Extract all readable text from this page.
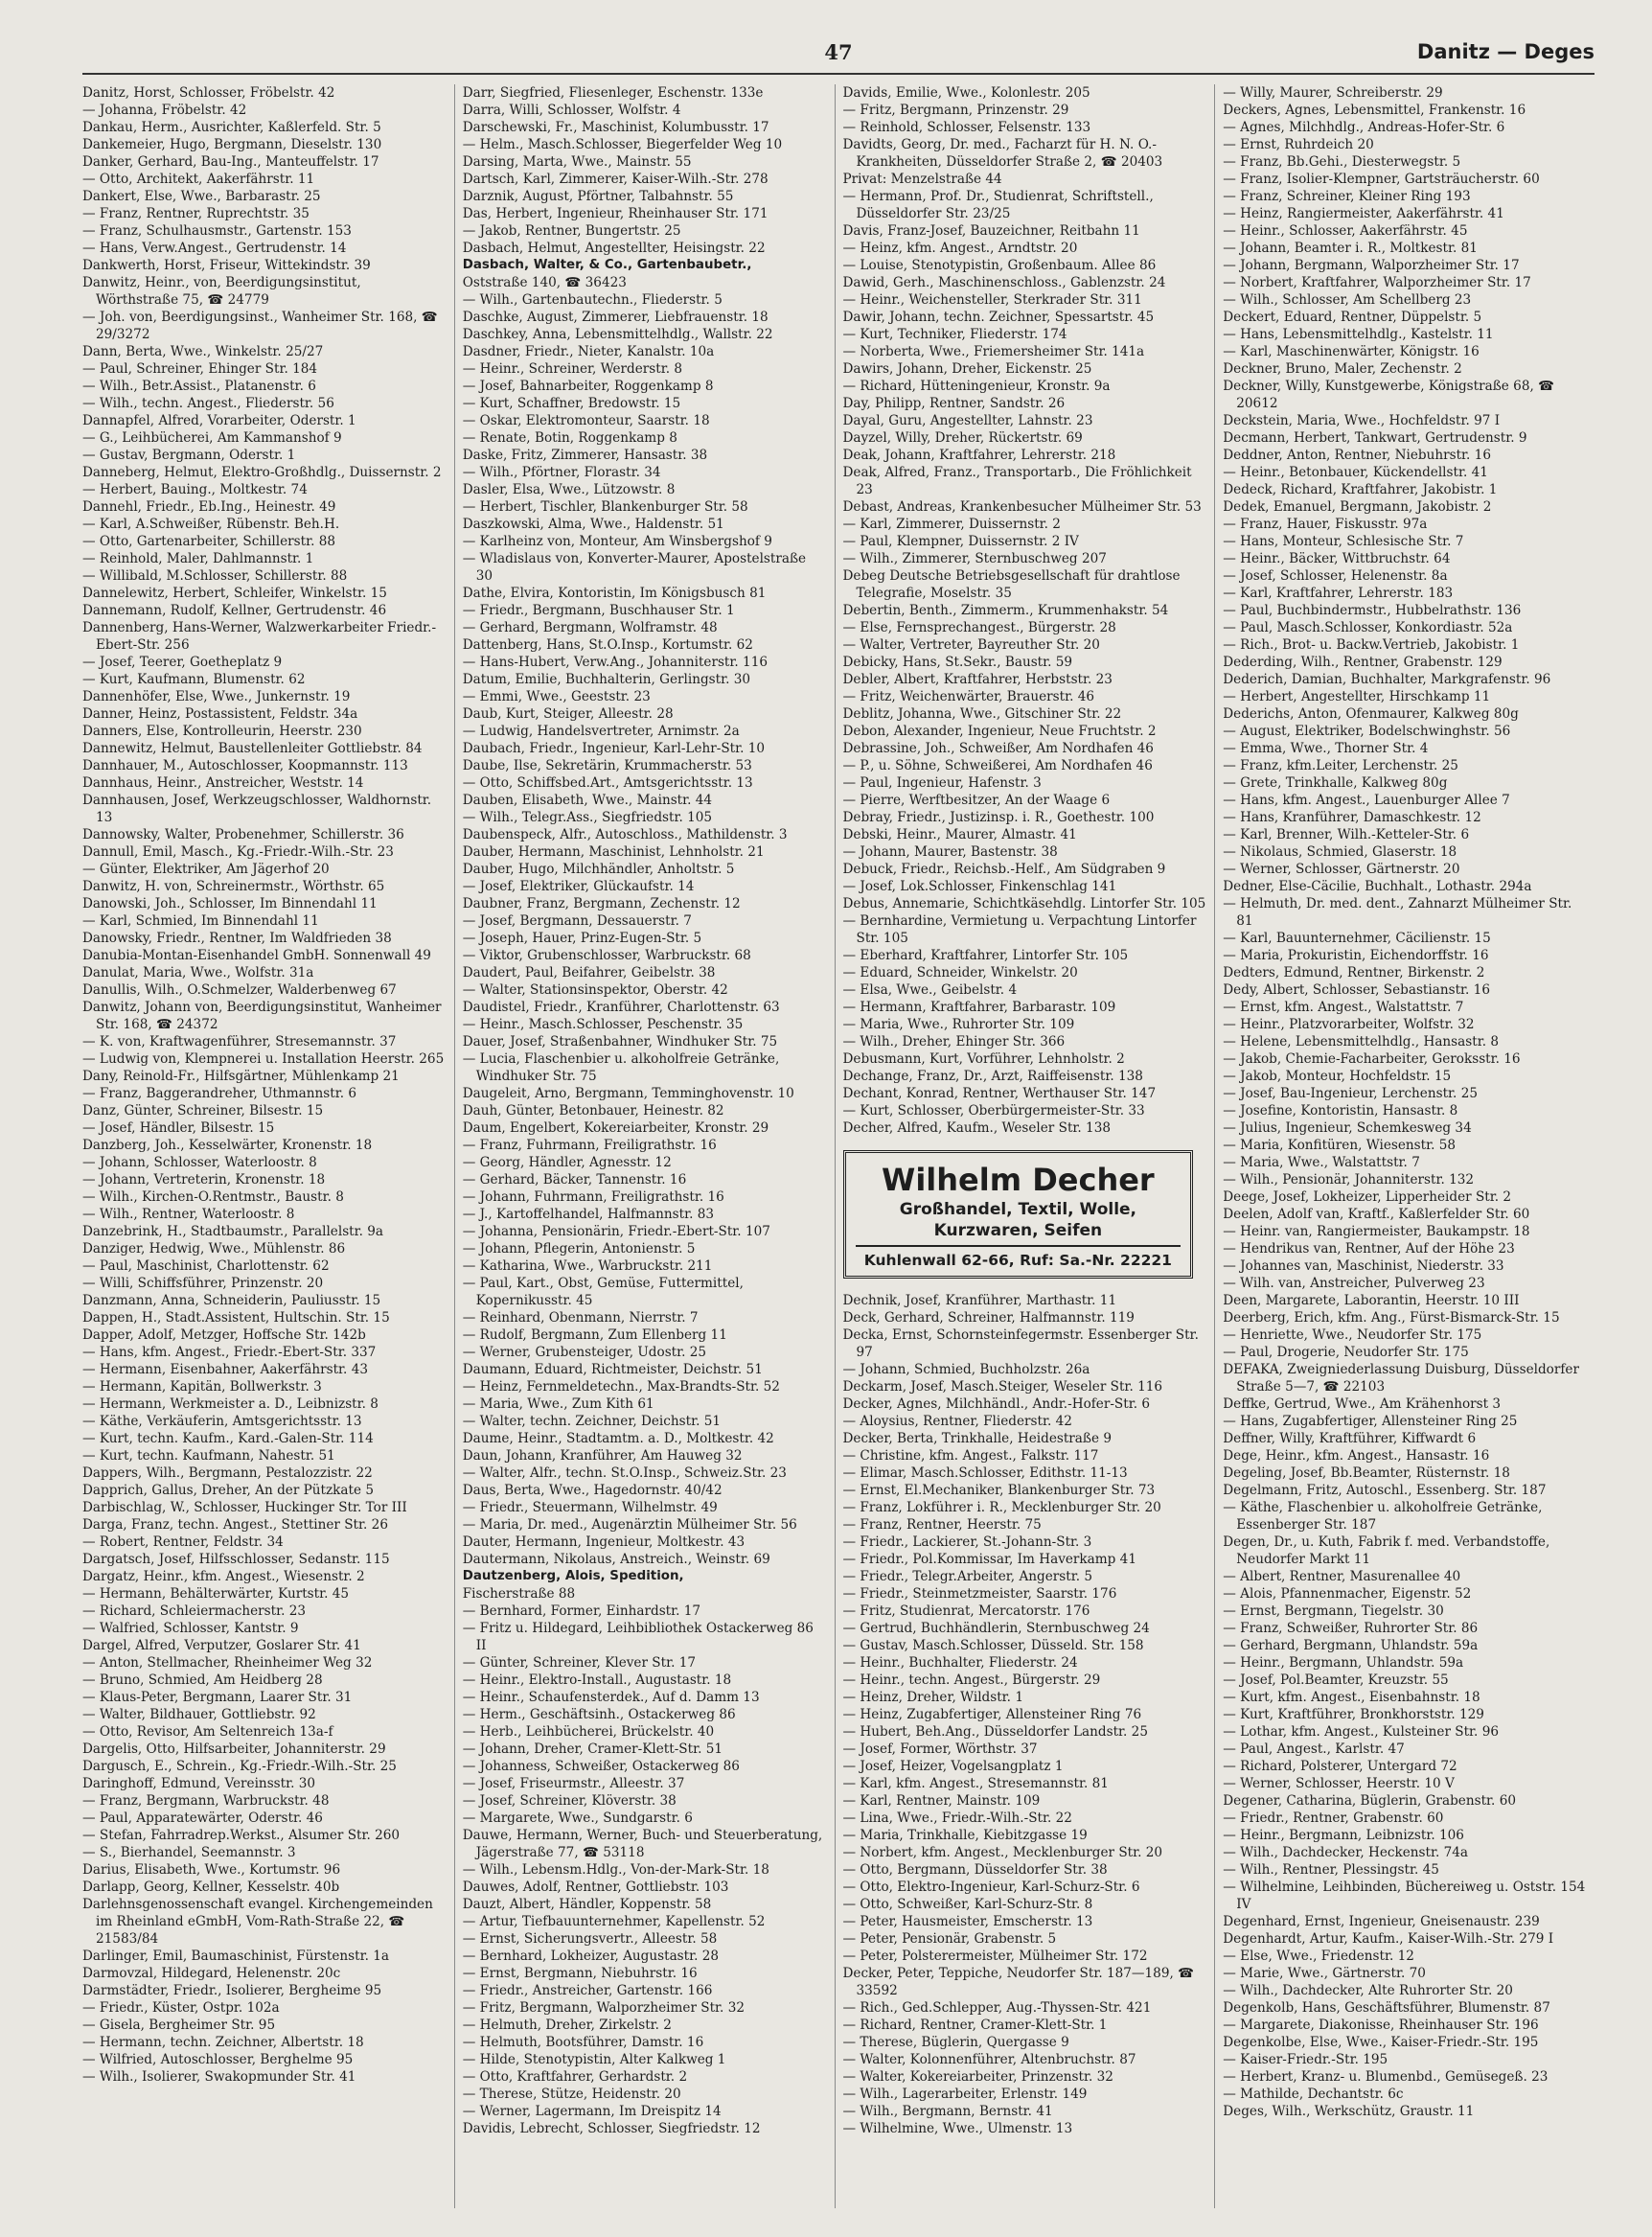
47	Danitz — Deges
Danitz, Horst, Schlosser, Fröbelstr. 42
— Johanna, Fröbelstr. 42
Dankau, Herm., Ausrichter, Kaßlerfeld. Str. 5
Dankemeier, Hugo, Bergmann, Dieselstr. 130
Danker, Gerhard, Bau-Ing., Manteuffelstr. 17
— Otto, Architekt, Aakerfährstr. 11
Dankert, Else, Wwe., Barbarastr. 25
— Franz, Rentner, Ruprechtstr. 35
— Franz, Schulhausmstr., Gartenstr. 153
— Hans, Verw.Angest., Gertrudenstr. 14
Dankwerth, Horst, Friseur, Wittekindstr. 39
Danwitz, Heinr., von, Beerdigungsinstitut, Wörthstraße 75, ☎ 24779
— Joh. von, Beerdigungsinst., Wanheimer Str. 168, ☎ 29/3272
Dann, Berta, Wwe., Winkelstr. 25/27
— Paul, Schreiner, Ehinger Str. 184
— Wilh., Betr.Assist., Platanenstr. 6
— Wilh., techn. Angest., Fliederstr. 56
Dannapfel, Alfred, Vorarbeiter, Oderstr. 1
— G., Leihbücherei, Am Kammanshof 9
— Gustav, Bergmann, Oderstr. 1
Danneberg, Helmut, Elektro-Großhdlg., Duissernstr. 2
— Herbert, Bauing., Moltkestr. 74
Dannehl, Friedr., Eb.Ing., Heinestr. 49
— Karl, A.Schweißer, Rübenstr. Beh.H.
— Otto, Gartenarbeiter, Schillerstr. 88
— Reinhold, Maler, Dahlmannstr. 1
— Willibald, M.Schlosser, Schillerstr. 88
Dannelewitz, Herbert, Schleifer, Winkelstr. 15
Dannemann, Rudolf, Kellner, Gertrudenstr. 46
Dannenberg, Hans-Werner, Walzwerkarbeiter Friedr.-Ebert-Str. 256
— Josef, Teerer, Goetheplatz 9
— Kurt, Kaufmann, Blumenstr. 62
Dannenhöfer, Else, Wwe., Junkernstr. 19
Danner, Heinz, Postassistent, Feldstr. 34a
Danners, Else, Kontrolleurin, Heerstr. 230
Dannewitz, Helmut, Baustellenleiter Gottliebstr. 84
Dannhauer, M., Autoschlosser, Koopmannstr. 113
Dannhaus, Heinr., Anstreicher, Weststr. 14
Dannhausen, Josef, Werkzeugschlosser, Waldhornstr. 13
Dannowsky, Walter, Probenehmer, Schillerstr. 36
Dannull, Emil, Masch., Kg.-Friedr.-Wilh.-Str. 23
— Günter, Elektriker, Am Jägerhof 20
Danwitz, H. von, Schreinermstr., Wörthstr. 65
Danowski, Joh., Schlosser, Im Binnendahl 11
— Karl, Schmied, Im Binnendahl 11
Danowsky, Friedr., Rentner, Im Waldfrieden 38
Danubia-Montan-Eisenhandel GmbH. Sonnenwall 49
Danulat, Maria, Wwe., Wolfstr. 31a
Danullis, Wilh., O.Schmelzer, Walderbenweg 67
Danwitz, Johann von, Beerdigungsinstitut, Wanheimer Str. 168, ☎ 24372
— K. von, Kraftwagenführer, Stresemannstr. 37
— Ludwig von, Klempnerei u. Installation Heerstr. 265
Dany, Reinold-Fr., Hilfsgärtner, Mühlenkamp 21
— Franz, Baggerandreher, Uthmannstr. 6
Danz, Günter, Schreiner, Bilsestr. 15
— Josef, Händler, Bilsestr. 15
Danzberg, Joh., Kesselwärter, Kronenstr. 18
— Johann, Schlosser, Waterloostr. 8
— Johann, Vertreterin, Kronenstr. 18
— Wilh., Kirchen-O.Rentmstr., Baustr. 8
— Wilh., Rentner, Waterloostr. 8
Danzebrink, H., Stadtbaumstr., Parallelstr. 9a
Danziger, Hedwig, Wwe., Mühlenstr. 86
— Paul, Maschinist, Charlottenstr. 62
— Willi, Schiffsführer, Prinzenstr. 20
Danzmann, Anna, Schneiderin, Pauliusstr. 15
Dappen, H., Stadt.Assistent, Hultschin. Str. 15
Dapper, Adolf, Metzger, Hoffsche Str. 142b
— Hans, kfm. Angest., Friedr.-Ebert-Str. 337
— Hermann, Eisenbahner, Aakerfährstr. 43
— Hermann, Kapitän, Bollwerkstr. 3
— Hermann, Werkmeister a. D., Leibnizstr. 8
— Käthe, Verkäuferin, Amtsgerichtsstr. 13
— Kurt, techn. Kaufm., Kard.-Galen-Str. 114
— Kurt, techn. Kaufmann, Nahestr. 51
Dappers, Wilh., Bergmann, Pestalozzistr. 22
Dapprich, Gallus, Dreher, An der Pützkate 5
Darbischlag, W., Schlosser, Huckinger Str. Tor III
Darga, Franz, techn. Angest., Stettiner Str. 26
— Robert, Rentner, Feldstr. 34
Dargatsch, Josef, Hilfsschlosser, Sedanstr. 115
Dargatz, Heinr., kfm. Angest., Wiesenstr. 2
— Hermann, Behälterwärter, Kurtstr. 45
— Richard, Schleiermacherstr. 23
— Walfried, Schlosser, Kantstr. 9
Dargel, Alfred, Verputzer, Goslarer Str. 41
— Anton, Stellmacher, Rheinheimer Weg 32
— Bruno, Schmied, Am Heidberg 28
— Klaus-Peter, Bergmann, Laarer Str. 31
— Walter, Bildhauer, Gottliebstr. 92
— Otto, Revisor, Am Seltenreich 13a-f
Dargelis, Otto, Hilfsarbeiter, Johanniterstr. 29
Dargusch, E., Schrein., Kg.-Friedr.-Wilh.-Str. 25
Daringhoff, Edmund, Vereinsstr. 30
— Franz, Bergmann, Warbruckstr. 48
— Paul, Apparatewärter, Oderstr. 46
— Stefan, Fahrradrep.Werkst., Alsumer Str. 260
— S., Bierhandel, Seemannstr. 3
Darius, Elisabeth, Wwe., Kortumstr. 96
Darlapp, Georg, Kellner, Kesselstr. 40b
Darlehnsgenossenschaft evangel. Kirchengemeinden im Rheinland eGmbH, Vom-Rath-Straße 22, ☎ 21583/84
Darlinger, Emil, Baumaschinist, Fürstenstr. 1a
Darmovzal, Hildegard, Helenenstr. 20c
Darmstädter, Friedr., Isolierer, Bergheime 95
— Friedr., Küster, Ostpr. 102a
— Gisela, Bergheimer Str. 95
— Hermann, techn. Zeichner, Albertstr. 18
— Wilfried, Autoschlosser, Berghelme 95
— Wilh., Isolierer, Swakopmunder Str. 41
Darr, Siegfried, Fliesenleger, Eschenstr. 133e
Darra, Willi, Schlosser, Wolfstr. 4
Darschewski, Fr., Maschinist, Kolumbusstr. 17
— Helm., Masch.Schlosser, Biegerfelder Weg 10
Darsing, Marta, Wwe., Mainstr. 55
Dartsch, Karl, Zimmerer, Kaiser-Wilh.-Str. 278
Darznik, August, Pförtner, Talbahnstr. 55
Das, Herbert, Ingenieur, Rheinhauser Str. 171
— Jakob, Rentner, Bungertstr. 25
Dasbach, Helmut, Angestellter, Heisingstr. 22
Dasbach, Walter, & Co., Gartenbaubetr.,
Oststraße 140, ☎ 36423
— Wilh., Gartenbautechn., Fliederstr. 5
Daschke, August, Zimmerer, Liebfrauenstr. 18
Daschkey, Anna, Lebensmittelhdlg., Wallstr. 22
Dasdner, Friedr., Nieter, Kanalstr. 10a
— Heinr., Schreiner, Werderstr. 8
— Josef, Bahnarbeiter, Roggenkamp 8
— Kurt, Schaffner, Bredowstr. 15
— Oskar, Elektromonteur, Saarstr. 18
— Renate, Botin, Roggenkamp 8
Daske, Fritz, Zimmerer, Hansastr. 38
— Wilh., Pförtner, Florastr. 34
Dasler, Elsa, Wwe., Lützowstr. 8
— Herbert, Tischler, Blankenburger Str. 58
Daszkowski, Alma, Wwe., Haldenstr. 51
— Karlheinz von, Monteur, Am Winsbergshof 9
— Wladislaus von, Konverter-Maurer, Apostelstraße 30
Dathe, Elvira, Kontoristin, Im Königsbusch 81
— Friedr., Bergmann, Buschhauser Str. 1
— Gerhard, Bergmann, Wolframstr. 48
Dattenberg, Hans, St.O.Insp., Kortumstr. 62
— Hans-Hubert, Verw.Ang., Johanniterstr. 116
Datum, Emilie, Buchhalterin, Gerlingstr. 30
— Emmi, Wwe., Geeststr. 23
Daub, Kurt, Steiger, Alleestr. 28
— Ludwig, Handelsvertreter, Arnimstr. 2a
Daubach, Friedr., Ingenieur, Karl-Lehr-Str. 10
Daube, Ilse, Sekretärin, Krummacherstr. 53
— Otto, Schiffsbed.Art., Amtsgerichtsstr. 13
Dauben, Elisabeth, Wwe., Mainstr. 44
— Wilh., Telegr.Ass., Siegfriedstr. 105
Daubenspeck, Alfr., Autoschloss., Mathildenstr. 3
Dauber, Hermann, Maschinist, Lehnholstr. 21
Dauber, Hugo, Milchhändler, Anholtstr. 5
— Josef, Elektriker, Glückaufstr. 14
Daubner, Franz, Bergmann, Zechenstr. 12
— Josef, Bergmann, Dessauerstr. 7
— Joseph, Hauer, Prinz-Eugen-Str. 5
— Viktor, Grubenschlosser, Warbruckstr. 68
Daudert, Paul, Beifahrer, Geibelstr. 38
— Walter, Stationsinspektor, Oberstr. 42
Daudistel, Friedr., Kranführer, Charlottenstr. 63
— Heinr., Masch.Schlosser, Peschenstr. 35
Dauer, Josef, Straßenbahner, Windhuker Str. 75
— Lucia, Flaschenbier u. alkoholfreie Getränke, Windhuker Str. 75
Daugeleit, Arno, Bergmann, Temminghovenstr. 10
Dauh, Günter, Betonbauer, Heinestr. 82
Daum, Engelbert, Kokereiarbeiter, Kronstr. 29
— Franz, Fuhrmann, Freiligrathstr. 16
— Georg, Händler, Agnesstr. 12
— Gerhard, Bäcker, Tannenstr. 16
— Johann, Fuhrmann, Freiligrathstr. 16
— J., Kartoffelhandel, Halfmannstr. 83
— Johanna, Pensionärin, Friedr.-Ebert-Str. 107
— Johann, Pflegerin, Antonienstr. 5
— Katharina, Wwe., Warbruckstr. 211
— Paul, Kart., Obst, Gemüse, Futtermittel, Kopernikusstr. 45
— Reinhard, Obenmann, Nierrstr. 7
— Rudolf, Bergmann, Zum Ellenberg 11
— Werner, Grubensteiger, Udostr. 25
Daumann, Eduard, Richtmeister, Deichstr. 51
— Heinz, Fernmeldetechn., Max-Brandts-Str. 52
— Maria, Wwe., Zum Kith 61
— Walter, techn. Zeichner, Deichstr. 51
Daume, Heinr., Stadtamtm. a. D., Moltkestr. 42
Daun, Johann, Kranführer, Am Hauweg 32
— Walter, Alfr., techn. St.O.Insp., Schweiz.Str. 23
Daus, Berta, Wwe., Hagedornstr. 40/42
— Friedr., Steuermann, Wilhelmstr. 49
— Maria, Dr. med., Augenärztin Mülheimer Str. 56
Dauter, Hermann, Ingenieur, Moltkestr. 43
Dautermann, Nikolaus, Anstreich., Weinstr. 69
Dautzenberg, Alois, Spedition,
Fischerstraße 88
— Bernhard, Former, Einhardstr. 17
— Fritz u. Hildegard, Leihbibliothek Ostackerweg 86 II
— Günter, Schreiner, Klever Str. 17
— Heinr., Elektro-Install., Augustastr. 18
— Heinr., Schaufensterdek., Auf d. Damm 13
— Herm., Geschäftsinh., Ostackerweg 86
— Herb., Leihbücherei, Brückelstr. 40
— Johann, Dreher, Cramer-Klett-Str. 51
— Johanness, Schweißer, Ostackerweg 86
— Josef, Friseurmstr., Alleestr. 37
— Josef, Schreiner, Klöverstr. 38
— Margarete, Wwe., Sundgarstr. 6
Dauwe, Hermann, Werner, Buch- und Steuerberatung, Jägerstraße 77, ☎ 53118
— Wilh., Lebensm.Hdlg., Von-der-Mark-Str. 18
Dauwes, Adolf, Rentner, Gottliebstr. 103
Dauzt, Albert, Händler, Koppenstr. 58
— Artur, Tiefbauunternehmer, Kapellenstr. 52
— Ernst, Sicherungsvertr., Alleestr. 58
— Bernhard, Lokheizer, Augustastr. 28
— Ernst, Bergmann, Niebuhrstr. 16
— Friedr., Anstreicher, Gartenstr. 166
— Fritz, Bergmann, Walporzheimer Str. 32
— Helmuth, Dreher, Zirkelstr. 2
— Helmuth, Bootsführer, Damstr. 16
— Hilde, Stenotypistin, Alter Kalkweg 1
— Otto, Kraftfahrer, Gerhardstr. 2
— Therese, Stütze, Heidenstr. 20
— Werner, Lagermann, Im Dreispitz 14
Davidis, Lebrecht, Schlosser, Siegfriedstr. 12
Davids, Emilie, Wwe., Kolonlestr. 205
— Fritz, Bergmann, Prinzenstr. 29
— Reinhold, Schlosser, Felsenstr. 133
Davidts, Georg, Dr. med., Facharzt für H. N. O.-Krankheiten, Düsseldorfer Straße 2, ☎ 20403
Privat: Menzelstraße 44
— Hermann, Prof. Dr., Studienrat, Schriftstell., Düsseldorfer Str. 23/25
Davis, Franz-Josef, Bauzeichner, Reitbahn 11
— Heinz, kfm. Angest., Arndtstr. 20
— Louise, Stenotypistin, Großenbaum. Allee 86
Dawid, Gerh., Maschinenschloss., Gablenzstr. 24
— Heinr., Weichensteller, Sterkrader Str. 311
Dawir, Johann, techn. Zeichner, Spessartstr. 45
— Kurt, Techniker, Fliederstr. 174
— Norberta, Wwe., Friemersheimer Str. 141a
Dawirs, Johann, Dreher, Eickenstr. 25
— Richard, Hütteningenieur, Kronstr. 9a
Day, Philipp, Rentner, Sandstr. 26
Dayal, Guru, Angestellter, Lahnstr. 23
Dayzel, Willy, Dreher, Rückertstr. 69
Deak, Johann, Kraftfahrer, Lehrerstr. 218
Deak, Alfred, Franz., Transportarb., Die Fröhlichkeit 23
Debast, Andreas, Krankenbesucher Mülheimer Str. 53
— Karl, Zimmerer, Duissernstr. 2
— Paul, Klempner, Duissernstr. 2 IV
— Wilh., Zimmerer, Sternbuschweg 207
Debeg Deutsche Betriebsgesellschaft für drahtlose Telegrafie, Moselstr. 35
Debertin, Benth., Zimmerm., Krummenhakstr. 54
— Else, Fernsprechangest., Bürgerstr. 28
— Walter, Vertreter, Bayreuther Str. 20
Debicky, Hans, St.Sekr., Baustr. 59
Debler, Albert, Kraftfahrer, Herbststr. 23
— Fritz, Weichenwärter, Brauerstr. 46
Deblitz, Johanna, Wwe., Gitschiner Str. 22
Debon, Alexander, Ingenieur, Neue Fruchtstr. 2
Debrassine, Joh., Schweißer, Am Nordhafen 46
— P., u. Söhne, Schweißerei, Am Nordhafen 46
— Paul, Ingenieur, Hafenstr. 3
— Pierre, Werftbesitzer, An der Waage 6
Debray, Friedr., Justizinsp. i. R., Goethestr. 100
Debski, Heinr., Maurer, Almastr. 41
— Johann, Maurer, Bastenstr. 38
Debuck, Friedr., Reichsb.-Helf., Am Südgraben 9
— Josef, Lok.Schlosser, Finkenschlag 141
Debus, Annemarie, Schichtkäsehdlg. Lintorfer Str. 105
— Bernhardine, Vermietung u. Verpachtung Lintorfer Str. 105
— Eberhard, Kraftfahrer, Lintorfer Str. 105
— Eduard, Schneider, Winkelstr. 20
— Elsa, Wwe., Geibelstr. 4
— Hermann, Kraftfahrer, Barbarastr. 109
— Maria, Wwe., Ruhrorter Str. 109
— Wilh., Dreher, Ehinger Str. 366
Debusmann, Kurt, Vorführer, Lehnholstr. 2
Dechange, Franz, Dr., Arzt, Raiffeisenstr. 138
Dechant, Konrad, Rentner, Werthauser Str. 147
— Kurt, Schlosser, Oberbürgermeister-Str. 33
Decher, Alfred, Kaufm., Weseler Str. 138
Wilhelm Decher
Großhandel, Textil, Wolle,
Kurzwaren, Seifen
Kuhlenwall 62-66, Ruf: Sa.-Nr. 22221
Dechnik, Josef, Kranführer, Marthastr. 11
Deck, Gerhard, Schreiner, Halfmannstr. 119
Decka, Ernst, Schornsteinfegermstr. Essenberger Str. 97
— Johann, Schmied, Buchholzstr. 26a
Deckarm, Josef, Masch.Steiger, Weseler Str. 116
Decker, Agnes, Milchhändl., Andr.-Hofer-Str. 6
— Aloysius, Rentner, Fliederstr. 42
Decker, Berta, Trinkhalle, Heidestraße 9
— Christine, kfm. Angest., Falkstr. 117
— Elimar, Masch.Schlosser, Edithstr. 11-13
— Ernst, El.Mechaniker, Blankenburger Str. 73
— Franz, Lokführer i. R., Mecklenburger Str. 20
— Franz, Rentner, Heerstr. 75
— Friedr., Lackierer, St.-Johann-Str. 3
— Friedr., Pol.Kommissar, Im Haverkamp 41
— Friedr., Telegr.Arbeiter, Angerstr. 5
— Friedr., Steinmetzmeister, Saarstr. 176
— Fritz, Studienrat, Mercatorstr. 176
— Gertrud, Buchhändlerin, Sternbuschweg 24
— Gustav, Masch.Schlosser, Düsseld. Str. 158
— Heinr., Buchhalter, Fliederstr. 24
— Heinr., techn. Angest., Bürgerstr. 29
— Heinz, Dreher, Wildstr. 1
— Heinz, Zugabfertiger, Allensteiner Ring 76
— Hubert, Beh.Ang., Düsseldorfer Landstr. 25
— Josef, Former, Wörthstr. 37
— Josef, Heizer, Vogelsangplatz 1
— Karl, kfm. Angest., Stresemannstr. 81
— Karl, Rentner, Mainstr. 109
— Lina, Wwe., Friedr.-Wilh.-Str. 22
— Maria, Trinkhalle, Kiebitzgasse 19
— Norbert, kfm. Angest., Mecklenburger Str. 20
— Otto, Bergmann, Düsseldorfer Str. 38
— Otto, Elektro-Ingenieur, Karl-Schurz-Str. 6
— Otto, Schweißer, Karl-Schurz-Str. 8
— Peter, Hausmeister, Emscherstr. 13
— Peter, Pensionär, Grabenstr. 5
— Peter, Polsterermeister, Mülheimer Str. 172
Decker, Peter, Teppiche, Neudorfer Str. 187—189, ☎ 33592
— Rich., Ged.Schlepper, Aug.-Thyssen-Str. 421
— Richard, Rentner, Cramer-Klett-Str. 1
— Therese, Büglerin, Quergasse 9
— Walter, Kolonnenführer, Altenbruchstr. 87
— Walter, Kokereiarbeiter, Prinzenstr. 32
— Wilh., Lagerarbeiter, Erlenstr. 149
— Wilh., Bergmann, Bernstr. 41
— Wilhelmine, Wwe., Ulmenstr. 13
— Willy, Maurer, Schreiberstr. 29
Deckers, Agnes, Lebensmittel, Frankenstr. 16
— Agnes, Milchhdlg., Andreas-Hofer-Str. 6
— Ernst, Ruhrdeich 20
— Franz, Bb.Gehi., Diesterwegstr. 5
— Franz, Isolier-Klempner, Gartsträucherstr. 60
— Franz, Schreiner, Kleiner Ring 193
— Heinz, Rangiermeister, Aakerfährstr. 41
— Heinr., Schlosser, Aakerfährstr. 45
— Johann, Beamter i. R., Moltkestr. 81
— Johann, Bergmann, Walporzheimer Str. 17
— Norbert, Kraftfahrer, Walporzheimer Str. 17
— Wilh., Schlosser, Am Schellberg 23
Deckert, Eduard, Rentner, Düppelstr. 5
— Hans, Lebensmittelhdlg., Kastelstr. 11
— Karl, Maschinenwärter, Königstr. 16
Deckner, Bruno, Maler, Zechenstr. 2
Deckner, Willy, Kunstgewerbe, Königstraße 68, ☎ 20612
Deckstein, Maria, Wwe., Hochfeldstr. 97 I
Decmann, Herbert, Tankwart, Gertrudenstr. 9
Deddner, Anton, Rentner, Niebuhrstr. 16
— Heinr., Betonbauer, Kückendellstr. 41
Dedeck, Richard, Kraftfahrer, Jakobistr. 1
Dedek, Emanuel, Bergmann, Jakobistr. 2
— Franz, Hauer, Fiskusstr. 97a
— Hans, Monteur, Schlesische Str. 7
— Heinr., Bäcker, Wittbruchstr. 64
— Josef, Schlosser, Helenenstr. 8a
— Karl, Kraftfahrer, Lehrerstr. 183
— Paul, Buchbindermstr., Hubbelrathstr. 136
— Paul, Masch.Schlosser, Konkordiastr. 52a
— Rich., Brot- u. Backw.Vertrieb, Jakobistr. 1
Dederding, Wilh., Rentner, Grabenstr. 129
Dederich, Damian, Buchhalter, Markgrafenstr. 96
— Herbert, Angestellter, Hirschkamp 11
Dederichs, Anton, Ofenmaurer, Kalkweg 80g
— August, Elektriker, Bodelschwinghstr. 56
— Emma, Wwe., Thorner Str. 4
— Franz, kfm.Leiter, Lerchenstr. 25
— Grete, Trinkhalle, Kalkweg 80g
— Hans, kfm. Angest., Lauenburger Allee 7
— Hans, Kranführer, Damaschkestr. 12
— Karl, Brenner, Wilh.-Ketteler-Str. 6
— Nikolaus, Schmied, Glaserstr. 18
— Werner, Schlosser, Gärtnerstr. 20
Dedner, Else-Cäcilie, Buchhalt., Lothastr. 294a
— Helmuth, Dr. med. dent., Zahnarzt Mülheimer Str. 81
— Karl, Bauunternehmer, Cäcilienstr. 15
— Maria, Prokuristin, Eichendorffstr. 16
Dedters, Edmund, Rentner, Birkenstr. 2
Dedy, Albert, Schlosser, Sebastianstr. 16
— Ernst, kfm. Angest., Walstattstr. 7
— Heinr., Platzvorarbeiter, Wolfstr. 32
— Helene, Lebensmittelhdlg., Hansastr. 8
— Jakob, Chemie-Facharbeiter, Geroksstr. 16
— Jakob, Monteur, Hochfeldstr. 15
— Josef, Bau-Ingenieur, Lerchenstr. 25
— Josefine, Kontoristin, Hansastr. 8
— Julius, Ingenieur, Schemkesweg 34
— Maria, Konfitüren, Wiesenstr. 58
— Maria, Wwe., Walstattstr. 7
— Wilh., Pensionär, Johanniterstr. 132
Deege, Josef, Lokheizer, Lipperheider Str. 2
Deelen, Adolf van, Kraftf., Kaßlerfelder Str. 60
— Heinr. van, Rangiermeister, Baukampstr. 18
— Hendrikus van, Rentner, Auf der Höhe 23
— Johannes van, Maschinist, Niederstr. 33
— Wilh. van, Anstreicher, Pulverweg 23
Deen, Margarete, Laborantin, Heerstr. 10 III
Deerberg, Erich, kfm. Ang., Fürst-Bismarck-Str. 15
— Henriette, Wwe., Neudorfer Str. 175
— Paul, Drogerie, Neudorfer Str. 175
DEFAKA, Zweigniederlassung Duisburg, Düsseldorfer Straße 5—7, ☎ 22103
Deffke, Gertrud, Wwe., Am Krähenhorst 3
— Hans, Zugabfertiger, Allensteiner Ring 25
Deffner, Willy, Kraftführer, Kiffwardt 6
Dege, Heinr., kfm. Angest., Hansastr. 16
Degeling, Josef, Bb.Beamter, Rüsternstr. 18
Degelmann, Fritz, Autoschl., Essenberg. Str. 187
— Käthe, Flaschenbier u. alkoholfreie Getränke, Essenberger Str. 187
Degen, Dr., u. Kuth, Fabrik f. med. Verbandstoffe, Neudorfer Markt 11
— Albert, Rentner, Masurenallee 40
— Alois, Pfannenmacher, Eigenstr. 52
— Ernst, Bergmann, Tiegelstr. 30
— Franz, Schweißer, Ruhrorter Str. 86
— Gerhard, Bergmann, Uhlandstr. 59a
— Heinr., Bergmann, Uhlandstr. 59a
— Josef, Pol.Beamter, Kreuzstr. 55
— Kurt, kfm. Angest., Eisenbahnstr. 18
— Kurt, Kraftführer, Bronkhorststr. 129
— Lothar, kfm. Angest., Kulsteiner Str. 96
— Paul, Angest., Karlstr. 47
— Richard, Polsterer, Untergard 72
— Werner, Schlosser, Heerstr. 10 V
Degener, Catharina, Büglerin, Grabenstr. 60
— Friedr., Rentner, Grabenstr. 60
— Heinr., Bergmann, Leibnizstr. 106
— Wilh., Dachdecker, Heckenstr. 74a
— Wilh., Rentner, Plessingstr. 45
— Wilhelmine, Leihbinden, Büchereiweg u. Oststr. 154 IV
Degenhard, Ernst, Ingenieur, Gneisenaustr. 239
Degenhardt, Artur, Kaufm., Kaiser-Wilh.-Str. 279 I
— Else, Wwe., Friedenstr. 12
— Marie, Wwe., Gärtnerstr. 70
— Wilh., Dachdecker, Alte Ruhrorter Str. 20
Degenkolb, Hans, Geschäftsführer, Blumenstr. 87
— Margarete, Diakonisse, Rheinhauser Str. 196
Degenkolbe, Else, Wwe., Kaiser-Friedr.-Str. 195
— Kaiser-Friedr.-Str. 195
— Herbert, Kranz- u. Blumenbd., Gemüsegeß. 23
— Mathilde, Dechantstr. 6c
Deges, Wilh., Werkschütz, Graustr. 11
